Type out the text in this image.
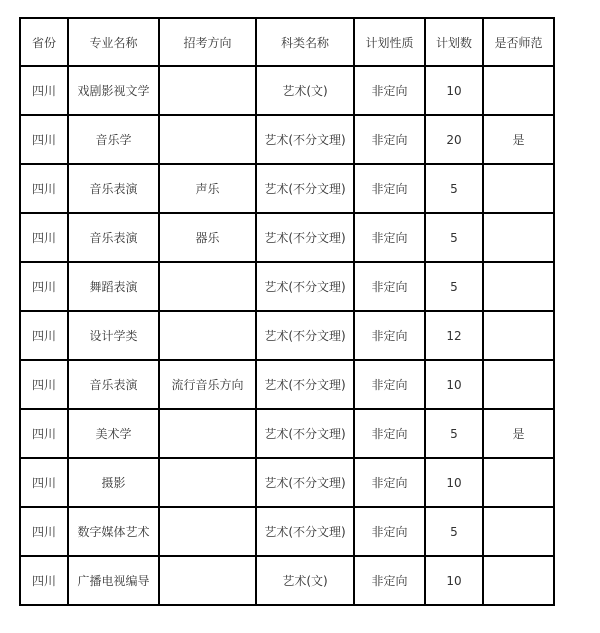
省份	专业名称	招考方向	科类名称	计划性质	计划数	是否师范
四川	戏剧影视文学		艺术(文)	非定向	10	
四川	音乐学		艺术(不分文理)	非定向	20	是
四川	音乐表演	声乐	艺术(不分文理)	非定向	5	
四川	音乐表演	器乐	艺术(不分文理)	非定向	5	
四川	舞蹈表演		艺术(不分文理)	非定向	5	
四川	设计学类		艺术(不分文理)	非定向	12	
四川	音乐表演	流行音乐方向	艺术(不分文理)	非定向	10	
四川	美术学		艺术(不分文理)	非定向	5	是
四川	摄影		艺术(不分文理)	非定向	10	
四川	数字媒体艺术		艺术(不分文理)	非定向	5	
四川	广播电视编导		艺术(文)	非定向	10	
